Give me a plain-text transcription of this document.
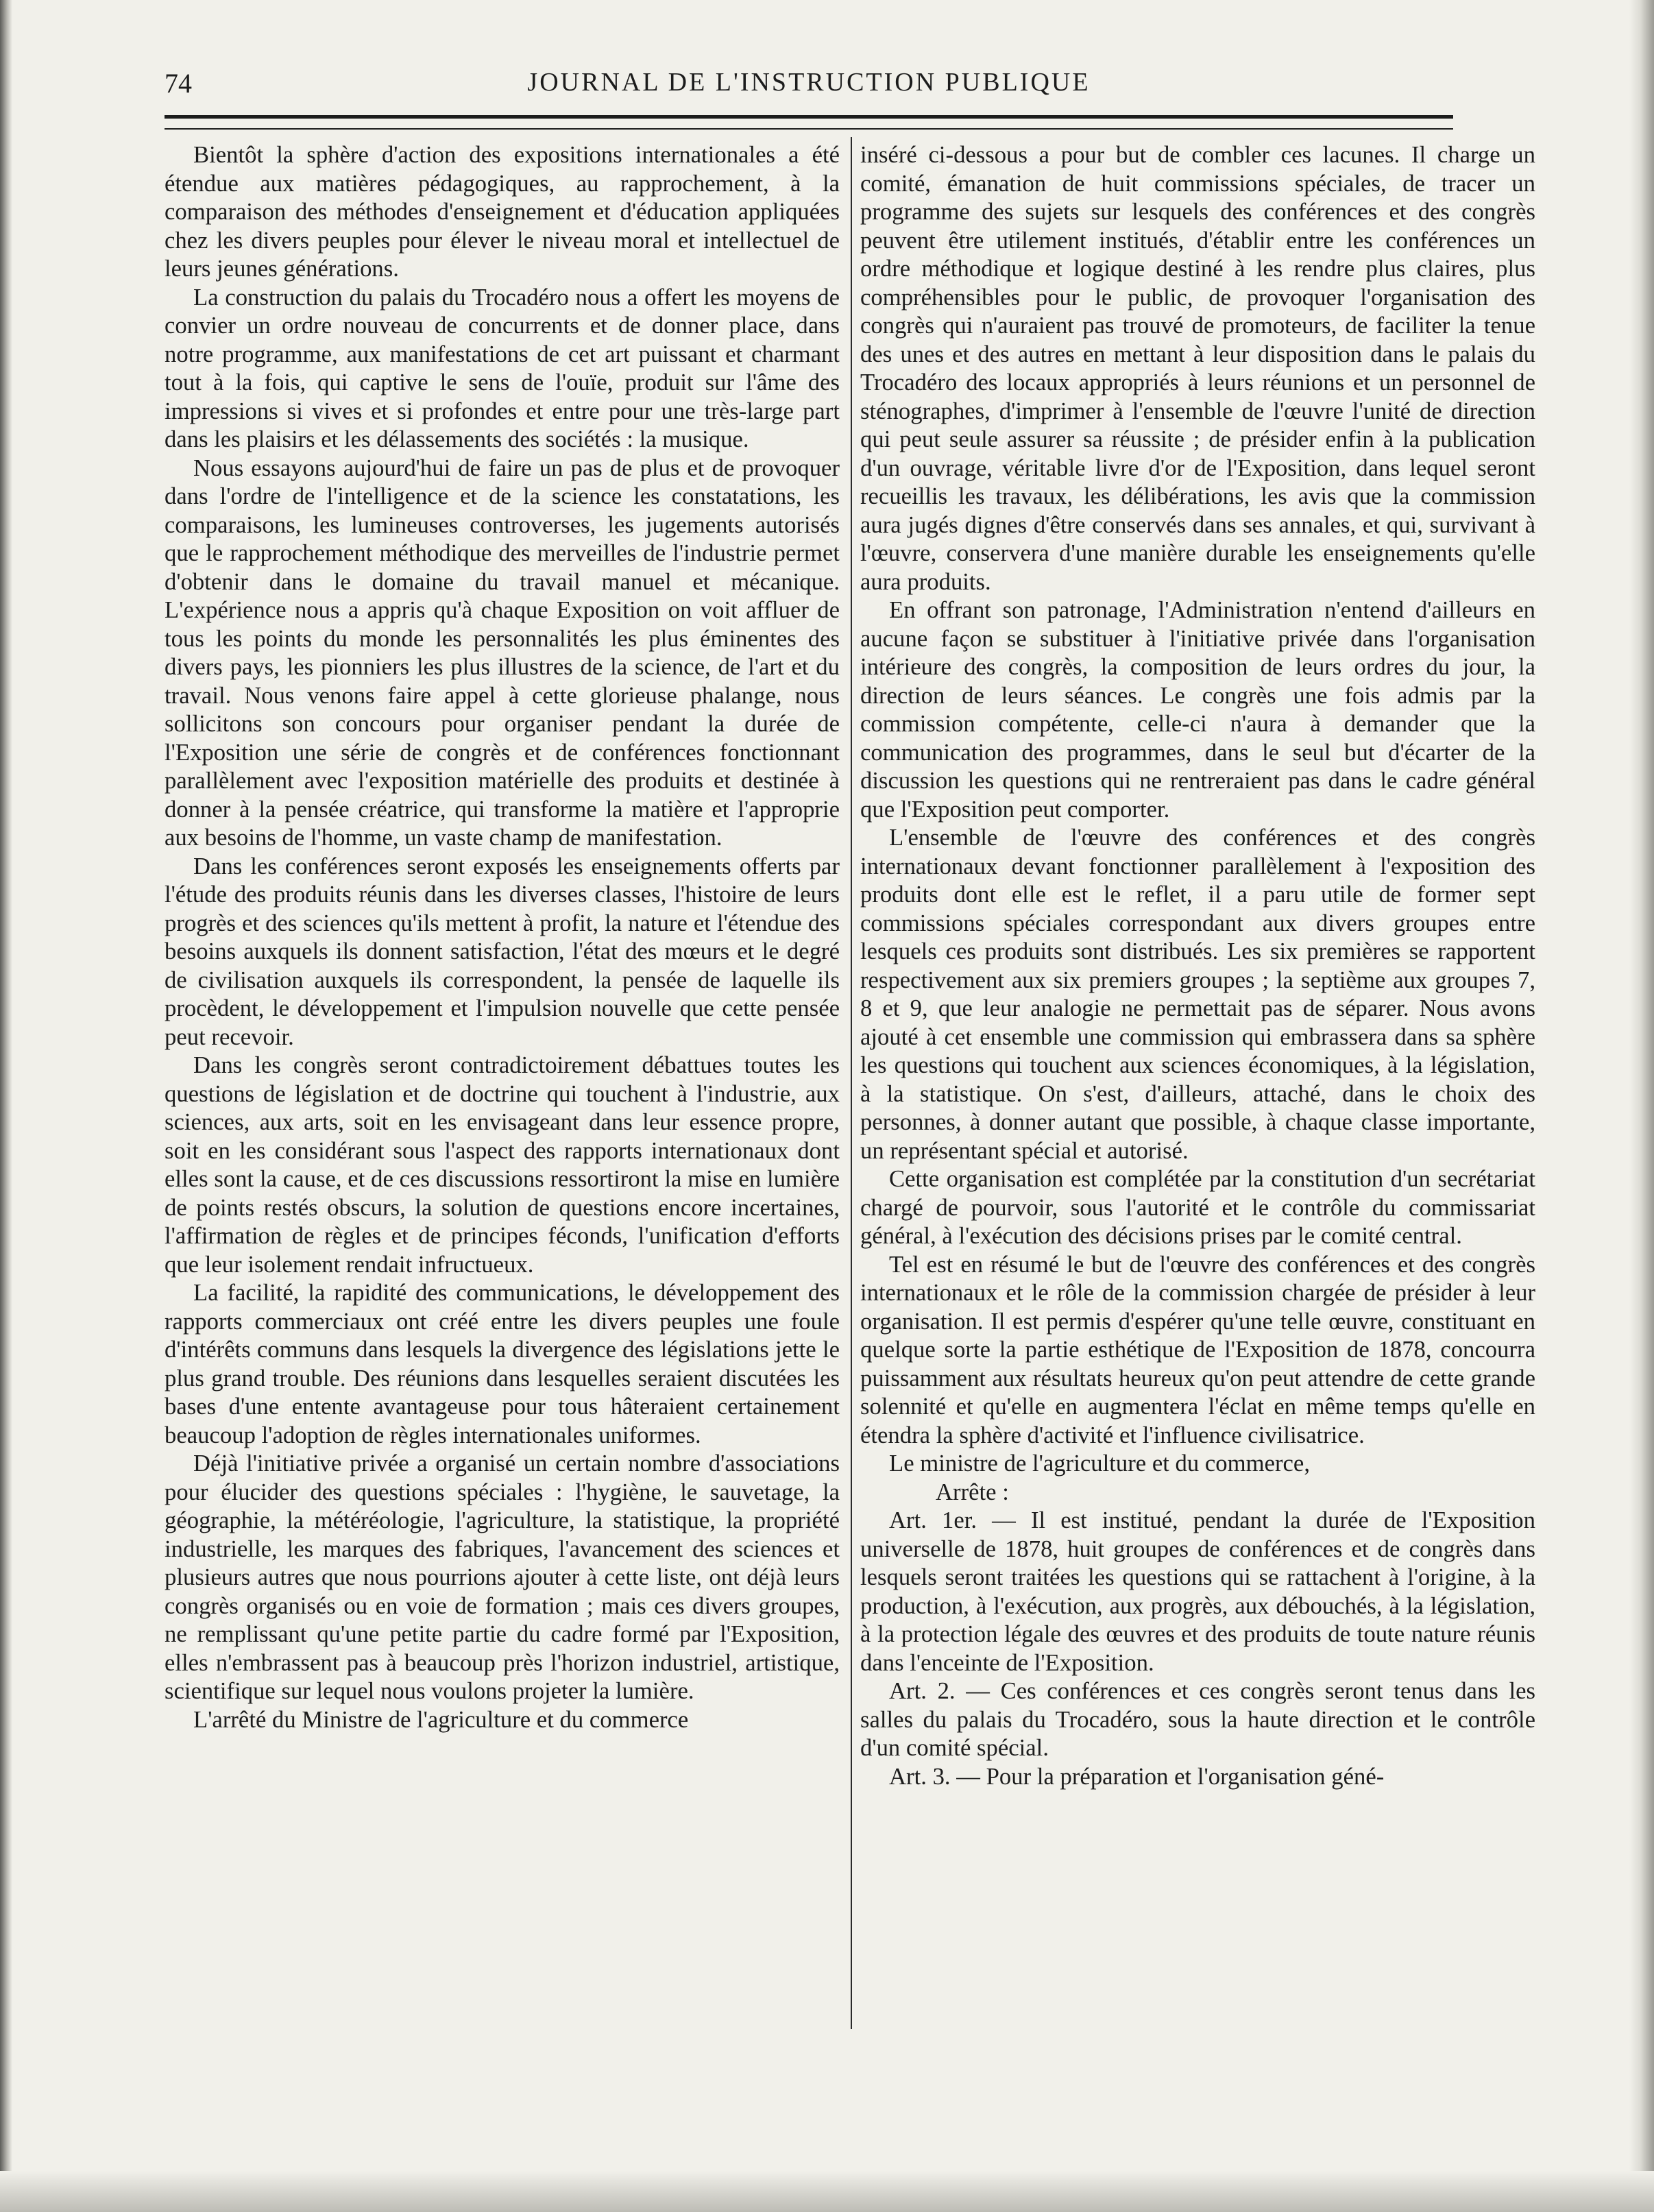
74	JOURNAL DE L'INSTRUCTION PUBLIQUE

Bientôt la sphère d'action des expositions internationales a été étendue aux matières pédagogiques, au rapprochement, à la comparaison des méthodes d'enseignement et d'éducation appliquées chez les divers peuples pour élever le niveau moral et intellectuel de leurs jeunes générations.

La construction du palais du Trocadéro nous a offert les moyens de convier un ordre nouveau de concurrents et de donner place, dans notre programme, aux manifestations de cet art puissant et charmant tout à la fois, qui captive le sens de l'ouïe, produit sur l'âme des impressions si vives et si profondes et entre pour une très-large part dans les plaisirs et les délassements des sociétés : la musique.

Nous essayons aujourd'hui de faire un pas de plus et de provoquer dans l'ordre de l'intelligence et de la science les constatations, les comparaisons, les lumineuses controverses, les jugements autorisés que le rapprochement méthodique des merveilles de l'industrie permet d'obtenir dans le domaine du travail manuel et mécanique. L'expérience nous a appris qu'à chaque Exposition on voit affluer de tous les points du monde les personnalités les plus éminentes des divers pays, les pionniers les plus illustres de la science, de l'art et du travail. Nous venons faire appel à cette glorieuse phalange, nous sollicitons son concours pour organiser pendant la durée de l'Exposition une série de congrès et de conférences fonctionnant parallèlement avec l'exposition matérielle des produits et destinée à donner à la pensée créatrice, qui transforme la matière et l'approprie aux besoins de l'homme, un vaste champ de manifestation.

Dans les conférences seront exposés les enseignements offerts par l'étude des produits réunis dans les diverses classes, l'histoire de leurs progrès et des sciences qu'ils mettent à profit, la nature et l'étendue des besoins auxquels ils donnent satisfaction, l'état des mœurs et le degré de civilisation auxquels ils correspondent, la pensée de laquelle ils procèdent, le développement et l'impulsion nouvelle que cette pensée peut recevoir.

Dans les congrès seront contradictoirement débattues toutes les questions de législation et de doctrine qui touchent à l'industrie, aux sciences, aux arts, soit en les envisageant dans leur essence propre, soit en les considérant sous l'aspect des rapports internationaux dont elles sont la cause, et de ces discussions ressortiront la mise en lumière de points restés obscurs, la solution de questions encore incertaines, l'affirmation de règles et de principes féconds, l'unification d'efforts que leur isolement rendait infructueux.

La facilité, la rapidité des communications, le développement des rapports commerciaux ont créé entre les divers peuples une foule d'intérêts communs dans lesquels la divergence des législations jette le plus grand trouble. Des réunions dans lesquelles seraient discutées les bases d'une entente avantageuse pour tous hâteraient certainement beaucoup l'adoption de règles internationales uniformes.

Déjà l'initiative privée a organisé un certain nombre d'associations pour élucider des questions spéciales : l'hygiène, le sauvetage, la géographie, la météréologie, l'agriculture, la statistique, la propriété industrielle, les marques des fabriques, l'avancement des sciences et plusieurs autres que nous pourrions ajouter à cette liste, ont déjà leurs congrès organisés ou en voie de formation ; mais ces divers groupes, ne remplissant qu'une petite partie du cadre formé par l'Exposition, elles n'embrassent pas à beaucoup près l'horizon industriel, artistique, scientifique sur lequel nous voulons projeter la lumière.

L'arrêté du Ministre de l'agriculture et du commerce

inséré ci-dessous a pour but de combler ces lacunes. Il charge un comité, émanation de huit commissions spéciales, de tracer un programme des sujets sur lesquels des conférences et des congrès peuvent être utilement institués, d'établir entre les conférences un ordre méthodique et logique destiné à les rendre plus claires, plus compréhensibles pour le public, de provoquer l'organisation des congrès qui n'auraient pas trouvé de promoteurs, de faciliter la tenue des unes et des autres en mettant à leur disposition dans le palais du Trocadéro des locaux appropriés à leurs réunions et un personnel de sténographes, d'imprimer à l'ensemble de l'œuvre l'unité de direction qui peut seule assurer sa réussite ; de présider enfin à la publication d'un ouvrage, véritable livre d'or de l'Exposition, dans lequel seront recueillis les travaux, les délibérations, les avis que la commission aura jugés dignes d'être conservés dans ses annales, et qui, survivant à l'œuvre, conservera d'une manière durable les enseignements qu'elle aura produits.

En offrant son patronage, l'Administration n'entend d'ailleurs en aucune façon se substituer à l'initiative privée dans l'organisation intérieure des congrès, la composition de leurs ordres du jour, la direction de leurs séances. Le congrès une fois admis par la commission compétente, celle-ci n'aura à demander que la communication des programmes, dans le seul but d'écarter de la discussion les questions qui ne rentreraient pas dans le cadre général que l'Exposition peut comporter.

L'ensemble de l'œuvre des conférences et des congrès internationaux devant fonctionner parallèlement à l'exposition des produits dont elle est le reflet, il a paru utile de former sept commissions spéciales correspondant aux divers groupes entre lesquels ces produits sont distribués. Les six premières se rapportent respectivement aux six premiers groupes ; la septième aux groupes 7, 8 et 9, que leur analogie ne permettait pas de séparer. Nous avons ajouté à cet ensemble une commission qui embrassera dans sa sphère les questions qui touchent aux sciences économiques, à la législation, à la statistique. On s'est, d'ailleurs, attaché, dans le choix des personnes, à donner autant que possible, à chaque classe importante, un représentant spécial et autorisé.

Cette organisation est complétée par la constitution d'un secrétariat chargé de pourvoir, sous l'autorité et le contrôle du commissariat général, à l'exécution des décisions prises par le comité central.

Tel est en résumé le but de l'œuvre des conférences et des congrès internationaux et le rôle de la commission chargée de présider à leur organisation. Il est permis d'espérer qu'une telle œuvre, constituant en quelque sorte la partie esthétique de l'Exposition de 1878, concourra puissamment aux résultats heureux qu'on peut attendre de cette grande solennité et qu'elle en augmentera l'éclat en même temps qu'elle en étendra la sphère d'activité et l'influence civilisatrice.

Le ministre de l'agriculture et du commerce,

Arrête :

Art. 1er. — Il est institué, pendant la durée de l'Exposition universelle de 1878, huit groupes de conférences et de congrès dans lesquels seront traitées les questions qui se rattachent à l'origine, à la production, à l'exécution, aux progrès, aux débouchés, à la législation, à la protection légale des œuvres et des produits de toute nature réunis dans l'enceinte de l'Exposition.

Art. 2. — Ces conférences et ces congrès seront tenus dans les salles du palais du Trocadéro, sous la haute direction et le contrôle d'un comité spécial.

Art. 3. — Pour la préparation et l'organisation géné-
